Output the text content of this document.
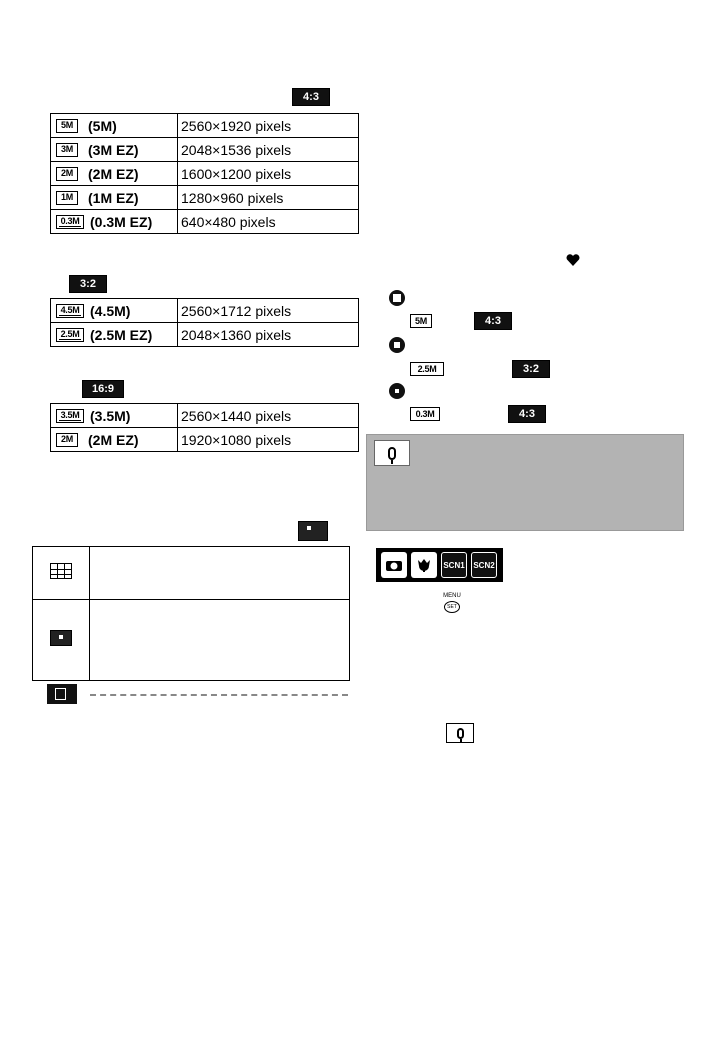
4:3
5M (5M)	2560×1920 pixels

3M (3M EZ)	2048×1536 pixels

2M (2M EZ)	1600×1200 pixels

1M (1M EZ)	1280×960 pixels

0.3M (0.3M EZ)	640×480 pixels
3:2
4.5M (4.5M)	2560×1712 pixels

2.5M (2.5M EZ)	2048×1360 pixels
16:9
3.5M (3.5M)	2560×1440 pixels

2M (2M EZ)	1920×1080 pixels

5M	4:3
2.5M	3:2
0.3M	4:3
SCN1 SCN2
MENU
SET
